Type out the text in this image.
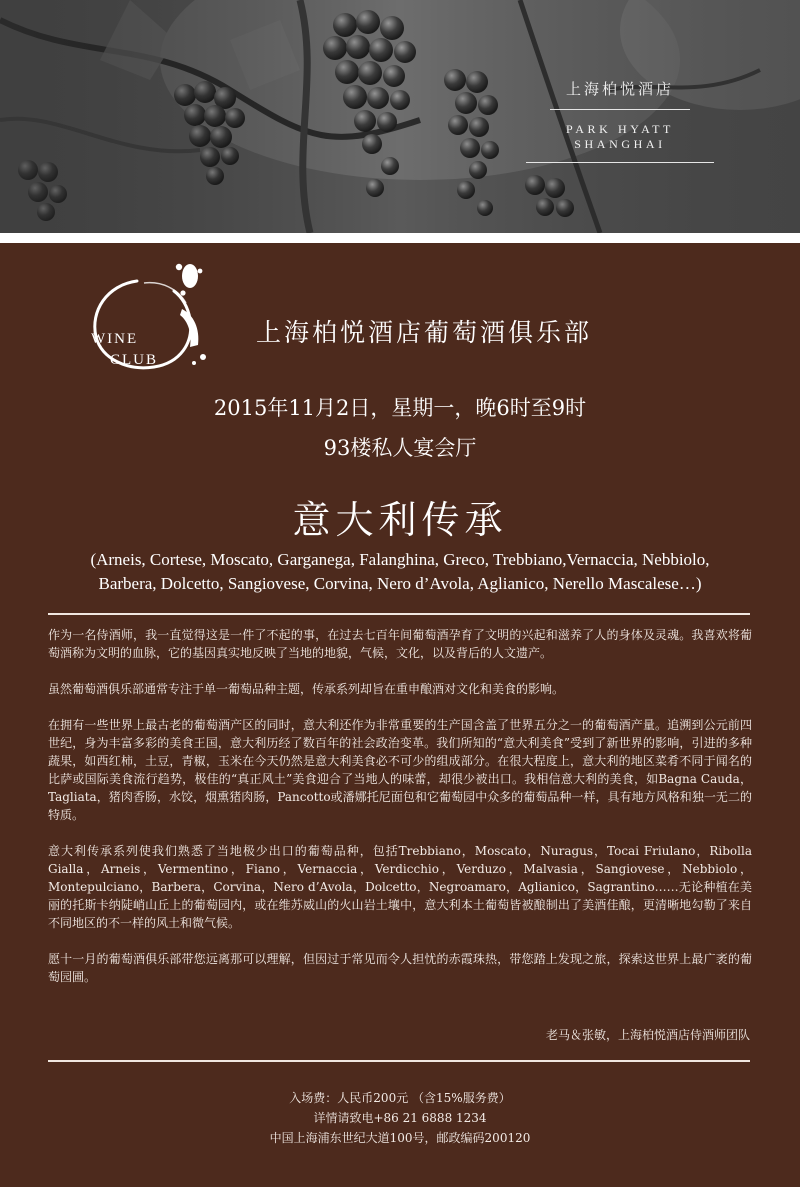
上海柏悦酒店
PARK HYATT SHANGHAI
WINE
CLUB
上海柏悦酒店葡萄酒俱乐部
2015年11月2日，星期一，晚6时至9时
93楼私人宴会厅
意大利传承
(Arneis, Cortese, Moscato, Garganega, Falanghina, Greco, Trebbiano,Vernaccia, Nebbiolo,
Barbera, Dolcetto, Sangiovese, Corvina, Nero d’Avola, Aglianico, Nerello Mascalese…)

作为一名侍酒师，我一直觉得这是一件了不起的事，在过去七百年间葡萄酒孕育了文明的兴起和滋养了人的身体及灵魂。我喜欢将葡萄酒称为文明的血脉，它的基因真实地反映了当地的地貌，气候，文化，以及背后的人文遗产。

虽然葡萄酒俱乐部通常专注于单一葡萄品种主题，传承系列却旨在重申酿酒对文化和美食的影响。

在拥有一些世界上最古老的葡萄酒产区的同时，意大利还作为非常重要的生产国含盖了世界五分之一的葡萄酒产量。追溯到公元前四世纪，身为丰富多彩的美食王国，意大利历经了数百年的社会政治变革。我们所知的“意大利美食”受到了新世界的影响，引进的多种蔬果，如西红柿，土豆，青椒，玉米在今天仍然是意大利美食必不可少的组成部分。在很大程度上，意大利的地区菜肴不同于闻名的比萨或国际美食流行趋势，极佳的“真正风土”美食迎合了当地人的味蕾，却很少被出口。我相信意大利的美食，如Bagna Cauda，Tagliata，猪肉香肠，水饺，烟熏猪肉肠，Pancotto或潘娜托尼面包和它葡萄园中众多的葡萄品种一样，具有地方风格和独一无二的特质。

意大利传承系列使我们熟悉了当地极少出口的葡萄品种，包括Trebbiano，Moscato，Nuragus，Tocai Friulano，Ribolla Gialla，Arneis，Vermentino，Fiano，Vernaccia，Verdicchio，Verduzo，Malvasia，Sangiovese，Nebbiolo，Montepulciano，Barbera，Corvina，Nero d’Avola，Dolcetto，Negroamaro，Aglianico，Sagrantino……无论种植在美丽的托斯卡纳陡峭山丘上的葡萄园内，或在维苏威山的火山岩土壤中，意大利本土葡萄皆被酿制出了美酒佳酿，更清晰地勾勒了来自不同地区的不一样的风土和微气候。

愿十一月的葡萄酒俱乐部带您远离那可以理解，但因过于常见而令人担忧的赤霞珠热，带您踏上发现之旅，探索这世界上最广袤的葡萄园圃。

老马＆张敏，上海柏悦酒店侍酒师团队
入场费：人民币200元 （含15%服务费）
详情请致电+86 21 6888 1234
中国上海浦东世纪大道100号，邮政编码200120
